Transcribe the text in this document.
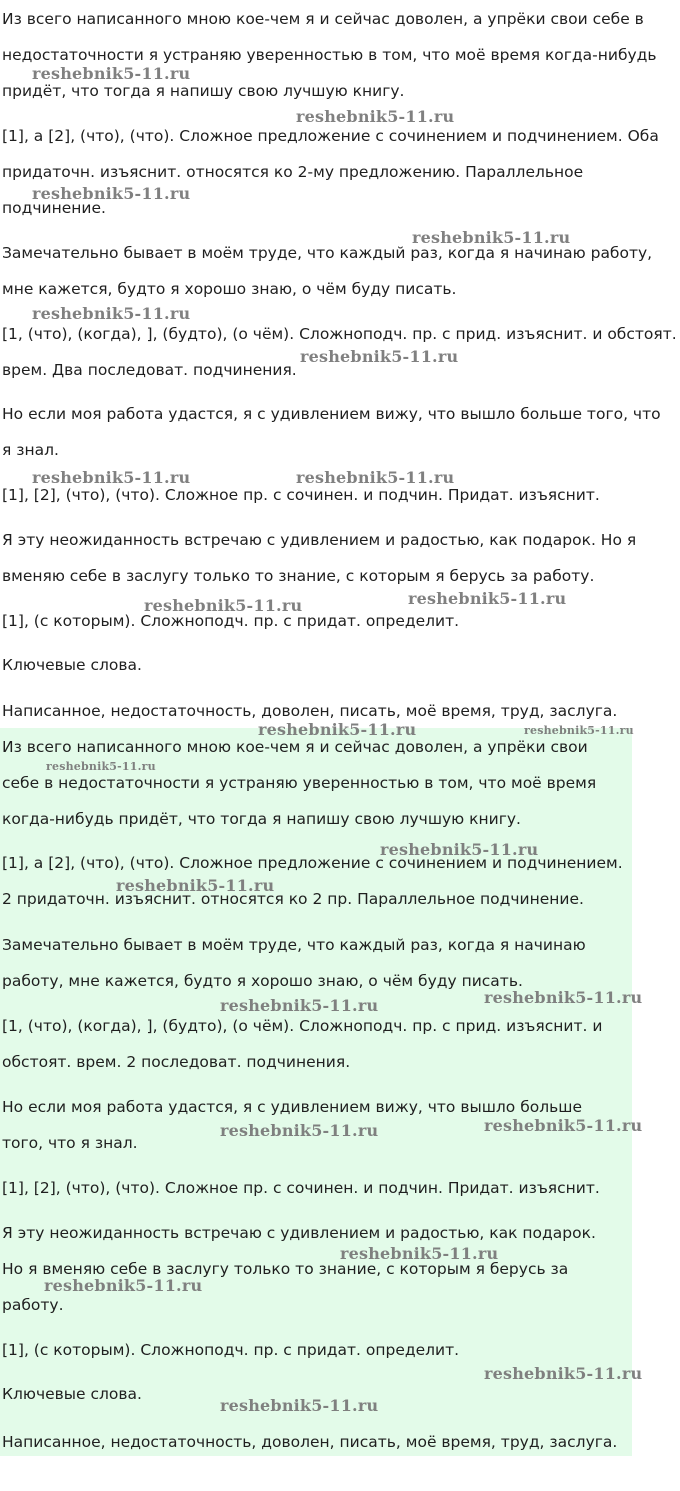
Из всего написанного мною кое-чем я и сейчас доволен, а упрёки свои себе в
недостаточности я устраняю уверенностью в том, что моё время когда-нибудь
придёт, что тогда я напишу свою лучшую книгу.
[1], а [2], (что), (что). Сложное предложение с сочинением и подчинением. Оба
придаточн. изъяснит. относятся ко 2-му предложению. Параллельное
подчинение.
Замечательно бывает в моём труде, что каждый раз, когда я начинаю работу,
мне кажется, будто я хорошо знаю, о чём буду писать.
[1, (что), (когда), ], (будто), (о чём). Сложноподч. пр. с прид. изъяснит. и обстоят.
врем. Два последоват. подчинения.
Но если моя работа удастся, я с удивлением вижу, что вышло больше того, что
я знал.
[1], [2], (что), (что). Сложное пр. с сочинен. и подчин. Придат. изъяснит.
Я эту неожиданность встречаю с удивлением и радостью, как подарок. Но я
вменяю себе в заслугу только то знание, с которым я берусь за работу.
[1], (с которым). Сложноподч. пр. с придат. определит.
Ключевые слова.
Написанное, недостаточность, доволен, писать, моё время, труд, заслуга.
Из всего написанного мною кое-чем я и сейчас доволен, а упрёки свои
себе в недостаточности я устраняю уверенностью в том, что моё время
когда-нибудь придёт, что тогда я напишу свою лучшую книгу.
[1], а [2], (что), (что). Сложное предложение с сочинением и подчинением.
2 придаточн. изъяснит. относятся ко 2 пр. Параллельное подчинение.
Замечательно бывает в моём труде, что каждый раз, когда я начинаю
работу, мне кажется, будто я хорошо знаю, о чём буду писать.
[1, (что), (когда), ], (будто), (о чём). Сложноподч. пр. с прид. изъяснит. и
обстоят. врем. 2 последоват. подчинения.
Но если моя работа удастся, я с удивлением вижу, что вышло больше
того, что я знал.
[1], [2], (что), (что). Сложное пр. с сочинен. и подчин. Придат. изъяснит.
Я эту неожиданность встречаю с удивлением и радостью, как подарок.
Но я вменяю себе в заслугу только то знание, с которым я берусь за
работу.
[1], (с которым). Сложноподч. пр. с придат. определит.
Ключевые слова.
Написанное, недостаточность, доволен, писать, моё время, труд, заслуга.
reshebnik5-11.ru
reshebnik5-11.ru
reshebnik5-11.ru
reshebnik5-11.ru
reshebnik5-11.ru
reshebnik5-11.ru
reshebnik5-11.ru	reshebnik5-11.ru
reshebnik5-11.ru	reshebnik5-11.ru
reshebnik5-11.ru	reshebnik5-11.ru
reshebnik5-11.ru
reshebnik5-11.ru
reshebnik5-11.ru
reshebnik5-11.ru
reshebnik5-11.ru
reshebnik5-11.ru	reshebnik5-11.ru
reshebnik5-11.ru
reshebnik5-11.ru
reshebnik5-11.ru
reshebnik5-11.ru
